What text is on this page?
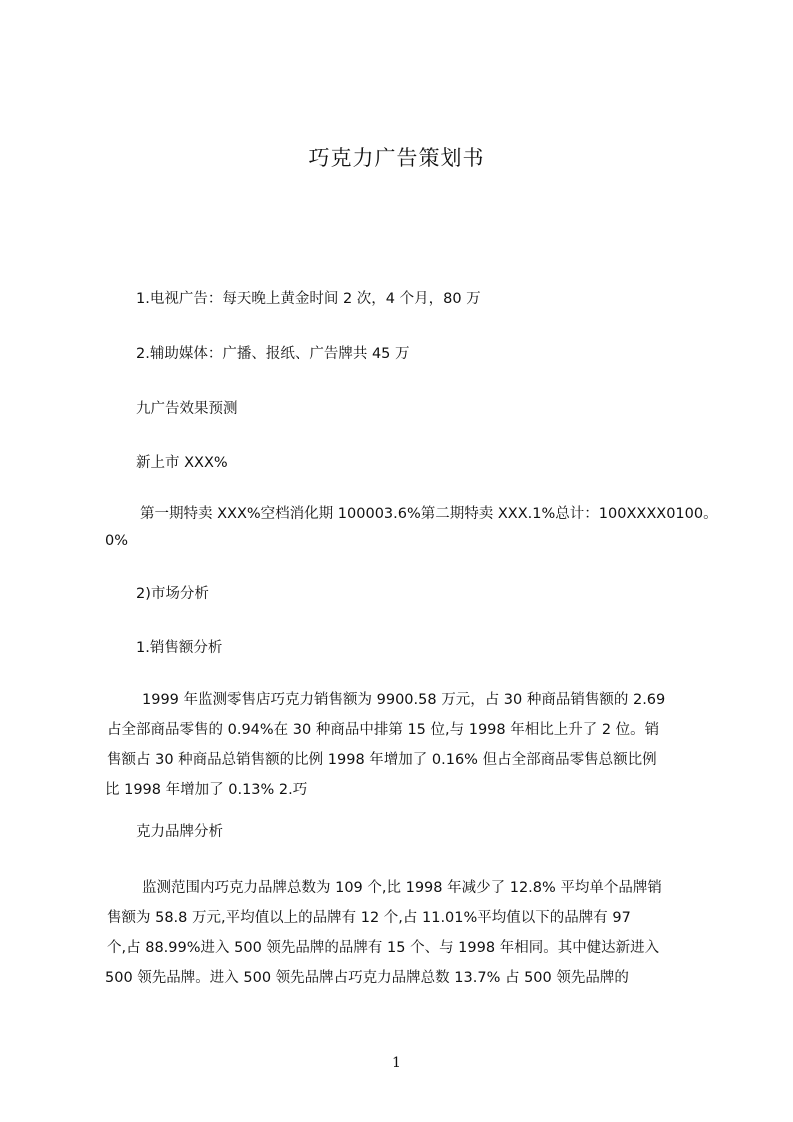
巧克力广告策划书
1.电视广告：每天晚上黄金时间 2 次，4 个月，80 万
2.辅助媒体：广播、报纸、广告牌共 45 万
九广告效果预测
新上市 XXX%
第一期特卖 XXX%空档消化期 100003.6%第二期特卖 XXX.1%总计：100XXXX0100。
0%
2)市场分析
1.销售额分析
1999 年监测零售店巧克力销售额为 9900.58 万元，占 30 种商品销售额的 2.69
占全部商品零售的 0.94%在 30 种商品中排第 15 位,与 1998 年相比上升了 2 位。销
售额占 30 种商品总销售额的比例 1998 年增加了 0.16% 但占全部商品零售总额比例
比 1998 年增加了 0.13% 2.巧
克力品牌分析
监测范围内巧克力品牌总数为 109 个,比 1998 年减少了 12.8% 平均单个品牌销
售额为 58.8 万元,平均值以上的品牌有 12 个,占 11.01%平均值以下的品牌有 97
个,占 88.99%进入 500 领先品牌的品牌有 15 个、与 1998 年相同。其中健达新进入
500 领先品牌。进入 500 领先品牌占巧克力品牌总数 13.7% 占 500 领先品牌的
1
